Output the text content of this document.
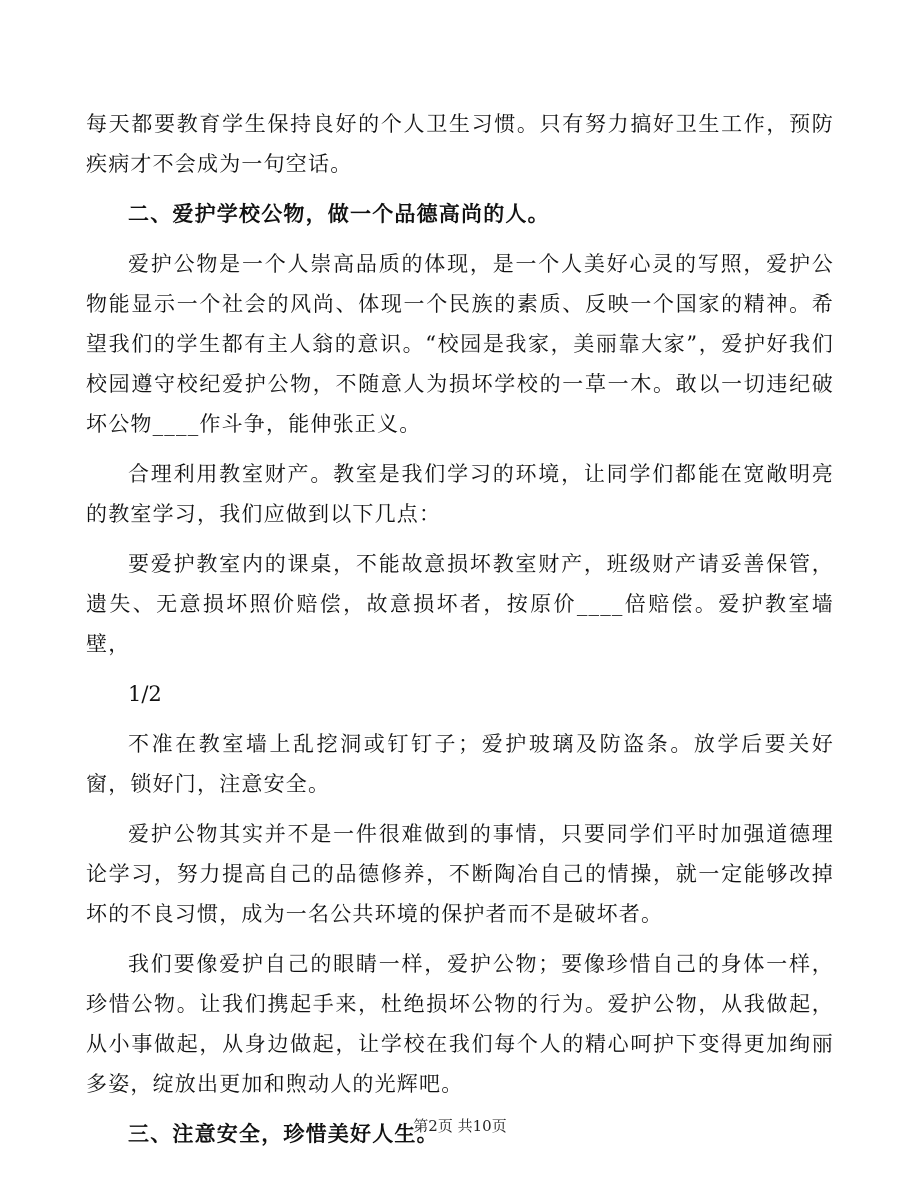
每天都要教育学生保持良好的个人卫生习惯。只有努力搞好卫生工作，预防疾病才不会成为一句空话。

二、爱护学校公物，做一个品德高尚的人。

爱护公物是一个人崇高品质的体现，是一个人美好心灵的写照，爱护公物能显示一个社会的风尚、体现一个民族的素质、反映一个国家的精神。希望我们的学生都有主人翁的意识。“校园是我家，美丽靠大家”，爱护好我们校园遵守校纪爱护公物，不随意人为损坏学校的一草一木。敢以一切违纪破坏公物____作斗争，能伸张正义。

合理利用教室财产。教室是我们学习的环境，让同学们都能在宽敞明亮的教室学习，我们应做到以下几点：

要爱护教室内的课桌，不能故意损坏教室财产，班级财产请妥善保管，遗失、无意损坏照价赔偿，故意损坏者，按原价____倍赔偿。爱护教室墙壁，

1/2

不准在教室墙上乱挖洞或钉钉子；爱护玻璃及防盗条。放学后要关好窗，锁好门，注意安全。

爱护公物其实并不是一件很难做到的事情，只要同学们平时加强道德理论学习，努力提高自己的品德修养，不断陶冶自己的情操，就一定能够改掉坏的不良习惯，成为一名公共环境的保护者而不是破坏者。

我们要像爱护自己的眼睛一样，爱护公物；要像珍惜自己的身体一样，珍惜公物。让我们携起手来，杜绝损坏公物的行为。爱护公物，从我做起，从小事做起，从身边做起，让学校在我们每个人的精心呵护下变得更加绚丽多姿，绽放出更加和煦动人的光辉吧。

三、注意安全，珍惜美好人生。

第2页 共10页
